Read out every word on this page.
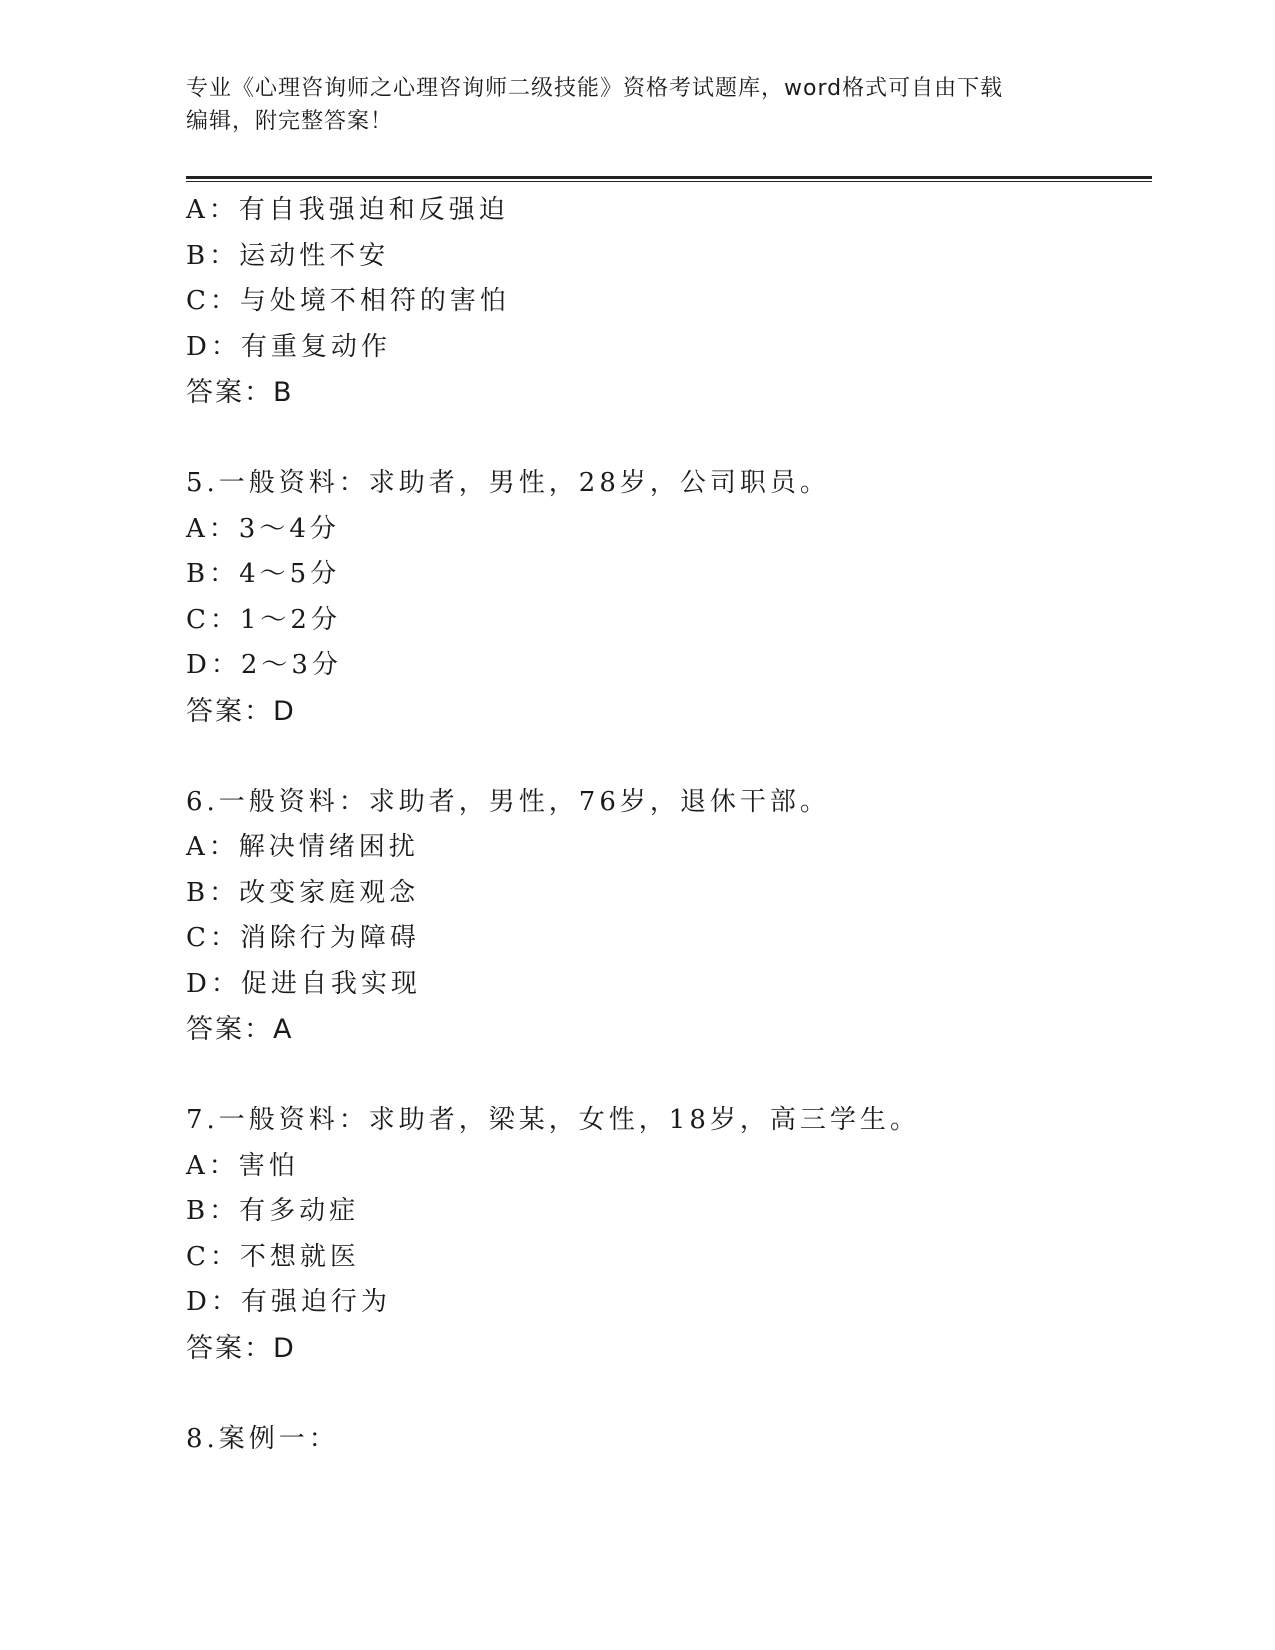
专业《心理咨询师之心理咨询师二级技能》资格考试题库，word格式可自由下载
编辑，附完整答案！
A：有自我强迫和反强迫
B：运动性不安
C：与处境不相符的害怕
D：有重复动作
答案：B
5.一般资料：求助者，男性，28岁，公司职员。
A：3～4分
B：4～5分
C：1～2分
D：2～3分
答案：D
6.一般资料：求助者，男性，76岁，退休干部。
A：解决情绪困扰
B：改变家庭观念
C：消除行为障碍
D：促进自我实现
答案：A
7.一般资料：求助者，梁某，女性，18岁，高三学生。
A：害怕
B：有多动症
C：不想就医
D：有强迫行为
答案：D
8.案例一：
